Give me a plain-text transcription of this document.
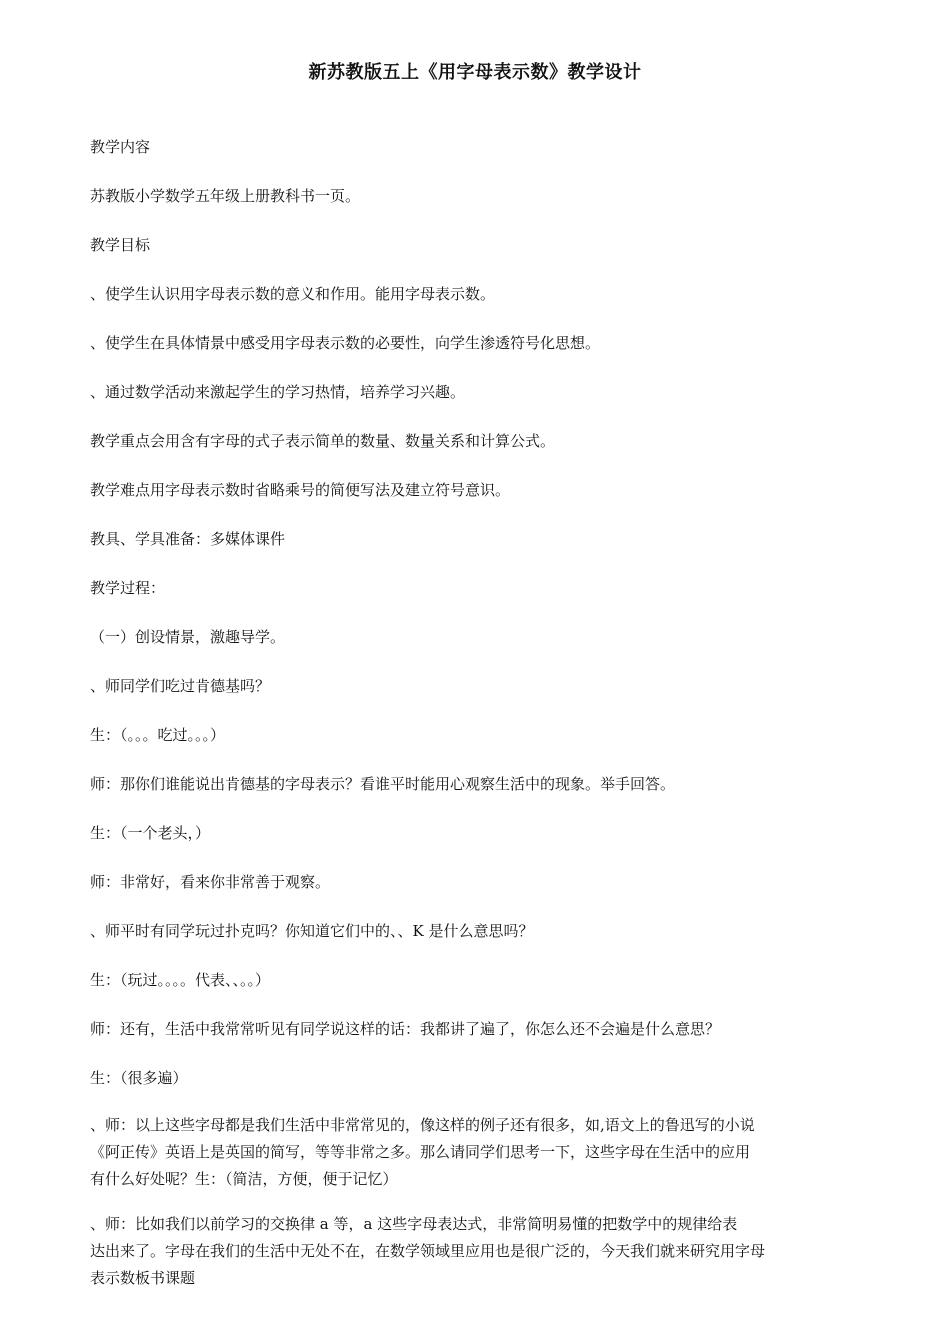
新苏教版五上《用字母表示数》教学设计
教学内容
苏教版小学数学五年级上册教科书一页。
教学目标
、使学生认识用字母表示数的意义和作用。能用字母表示数。
、使学生在具体情景中感受用字母表示数的必要性，向学生渗透符号化思想。
、通过数学活动来激起学生的学习热情，培养学习兴趣。
教学重点会用含有字母的式子表示简单的数量、数量关系和计算公式。
教学难点用字母表示数时省略乘号的简便写法及建立符号意识。
教具、学具准备：多媒体课件
教学过程：
（一）创设情景，激趣导学。
、师同学们吃过肯德基吗？
生：（。。。吃过。。。）
师：那你们谁能说出肯德基的字母表示？看谁平时能用心观察生活中的现象。举手回答。
生：（一个老头，）
师：非常好，看来你非常善于观察。
、师平时有同学玩过扑克吗？你知道它们中的、、K 是什么意思吗？
生：（玩过。。。。代表、、。。）
师：还有，生活中我常常听见有同学说这样的话：我都讲了遍了，你怎么还不会遍是什么意思？
生：（很多遍）
、师：以上这些字母都是我们生活中非常常见的，像这样的例子还有很多，如,语文上的鲁迅写的小说
《阿正传》英语上是英国的简写，等等非常之多。那么请同学们思考一下，这些字母在生活中的应用
有什么好处呢？生：（简洁，方便，便于记忆）
、师：比如我们以前学习的交换律 a 等，a 这些字母表达式，非常简明易懂的把数学中的规律给表
达出来了。字母在我们的生活中无处不在，在数学领域里应用也是很广泛的，今天我们就来研究用字母
表示数板书课题
